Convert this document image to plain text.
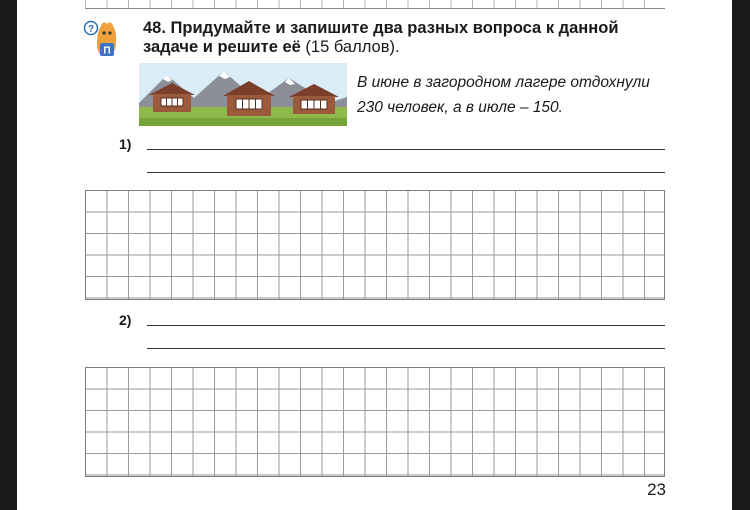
?
П
48. Придумайте и запишите два разных вопроса к данной задаче и решите её (15 баллов).
В июне в загородном лагере отдохнули
230 человек, а в июле – 150.
1)
2)
23
